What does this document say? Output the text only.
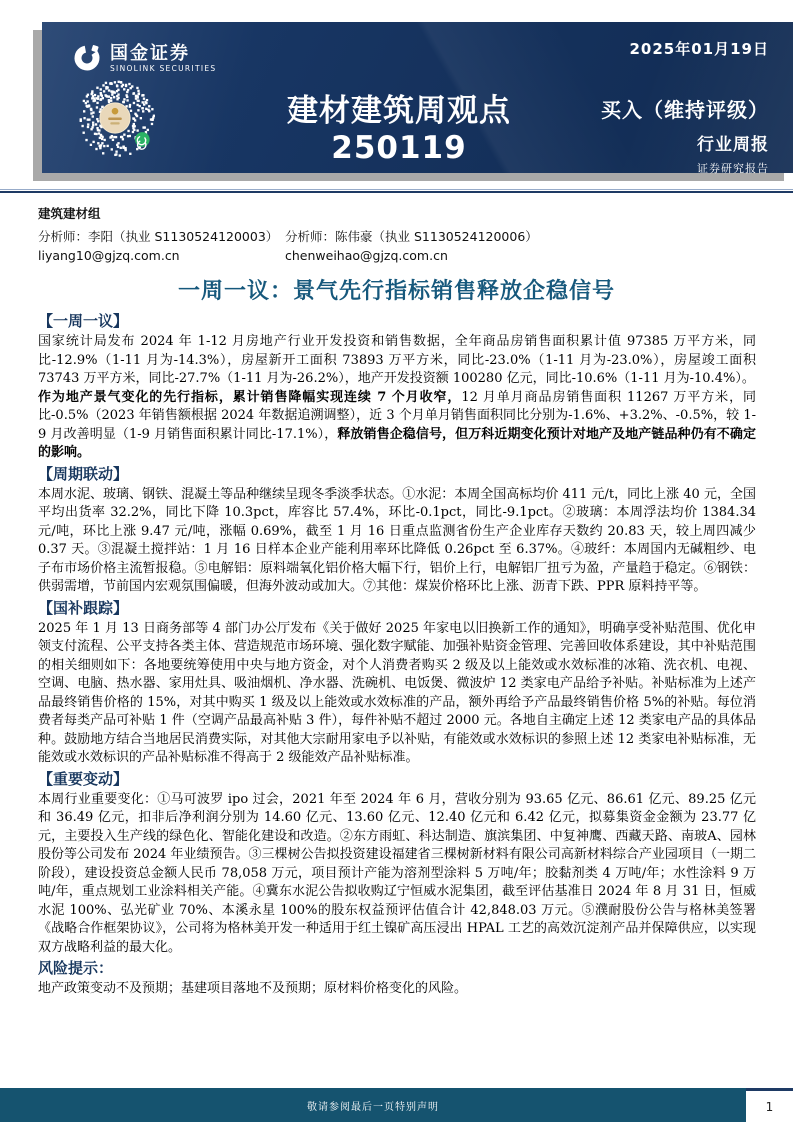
国金证券
SINOLINK SECURITIES
2025年01月19日
建材建筑周观点250119
买入（维持评级）
行业周报
证券研究报告
建筑建材组
分析师：李阳（执业 S1130524120003）
liyang10@gjzq.com.cn
分析师：陈伟豪（执业 S1130524120006）
chenweihao@gjzq.com.cn
一周一议：景气先行指标销售释放企稳信号
【一周一议】

国家统计局发布 2024 年 1-12 月房地产行业开发投资和销售数据，全年商品房销售面积累计值 97385 万平方米，同比-12.9%（1-11 月为-14.3%），房屋新开工面积 73893 万平方米，同比-23.0%（1-11 月为-23.0%），房屋竣工面积 73743 万平方米，同比-27.7%（1-11 月为-26.2%），地产开发投资额 100280 亿元，同比-10.6%（1-11 月为-10.4%）。

作为地产景气变化的先行指标，累计销售降幅实现连续 7 个月收窄，12 月单月商品房销售面积 11267 万平方米，同比-0.5%（2023 年销售额根据 2024 年数据追溯调整），近 3 个月单月销售面积同比分别为-1.6%、+3.2%、-0.5%，较 1-9 月改善明显（1-9 月销售面积累计同比-17.1%），释放销售企稳信号，但万科近期变化预计对地产及地产链品种仍有不确定的影响。

【周期联动】

本周水泥、玻璃、钢铁、混凝土等品种继续呈现冬季淡季状态。①水泥：本周全国高标均价 411 元/t，同比上涨 40 元，全国平均出货率 32.2%，同比下降 10.3pct，库容比 57.4%，环比-0.1pct，同比-9.1pct。②玻璃：本周浮法均价 1384.34 元/吨，环比上涨 9.47 元/吨，涨幅 0.69%，截至 1 月 16 日重点监测省份生产企业库存天数约 20.83 天，较上周四减少 0.37 天。③混凝土搅拌站：1 月 16 日样本企业产能利用率环比降低 0.26pct 至 6.37%。④玻纤：本周国内无碱粗纱、电子布市场价格主流暂报稳。⑤电解铝：原料端氧化铝价格大幅下行，铝价上行，电解铝厂扭亏为盈，产量趋于稳定。⑥钢铁：供弱需增，节前国内宏观氛围偏暖，但海外波动或加大。⑦其他：煤炭价格环比上涨、沥青下跌、PPR 原料持平等。

【国补跟踪】

2025 年 1 月 13 日商务部等 4 部门办公厅发布《关于做好 2025 年家电以旧换新工作的通知》，明确享受补贴范围、优化申领支付流程、公平支持各类主体、营造规范市场环境、强化数字赋能、加强补贴资金管理、完善回收体系建设，其中补贴范围的相关细则如下：各地要统筹使用中央与地方资金，对个人消费者购买 2 级及以上能效或水效标准的冰箱、洗衣机、电视、空调、电脑、热水器、家用灶具、吸油烟机、净水器、洗碗机、电饭煲、微波炉 12 类家电产品给予补贴。补贴标准为上述产品最终销售价格的 15%，对其中购买 1 级及以上能效或水效标准的产品，额外再给予产品最终销售价格 5%的补贴。每位消费者每类产品可补贴 1 件（空调产品最高补贴 3 件），每件补贴不超过 2000 元。各地自主确定上述 12 类家电产品的具体品种。鼓励地方结合当地居民消费实际，对其他大宗耐用家电予以补贴，有能效或水效标识的参照上述 12 类家电补贴标准，无能效或水效标识的产品补贴标准不得高于 2 级能效产品补贴标准。

【重要变动】

本周行业重要变化：①马可波罗 ipo 过会，2021 年至 2024 年 6 月，营收分别为 93.65 亿元、86.61 亿元、89.25 亿元和 36.49 亿元，扣非后净利润分别为 14.60 亿元、13.60 亿元、12.40 亿元和 6.42 亿元，拟募集资金金额为 23.77 亿元，主要投入生产线的绿色化、智能化建设和改造。②东方雨虹、科达制造、旗滨集团、中复神鹰、西藏天路、南玻A、园林股份等公司发布 2024 年业绩预告。③三棵树公告拟投资建设福建省三棵树新材料有限公司高新材料综合产业园项目（一期二阶段），建设投资总金额人民币 78,058 万元，项目预计产能为溶剂型涂料 5 万吨/年；胶黏剂类 4 万吨/年；水性涂料 9 万吨/年，重点规划工业涂料相关产能。④冀东水泥公告拟收购辽宁恒威水泥集团，截至评估基准日 2024 年 8 月 31 日，恒威水泥 100%、弘光矿业 70%、本溪永星 100%的股东权益预评估值合计 42,848.03 万元。⑤濮耐股份公告与格林美签署《战略合作框架协议》，公司将为格林美开发一种适用于红土镍矿高压浸出 HPAL 工艺的高效沉淀剂产品并保障供应，以实现双方战略利益的最大化。

风险提示：

地产政策变动不及预期；基建项目落地不及预期；原材料价格变化的风险。

敬请参阅最后一页特别声明	1
